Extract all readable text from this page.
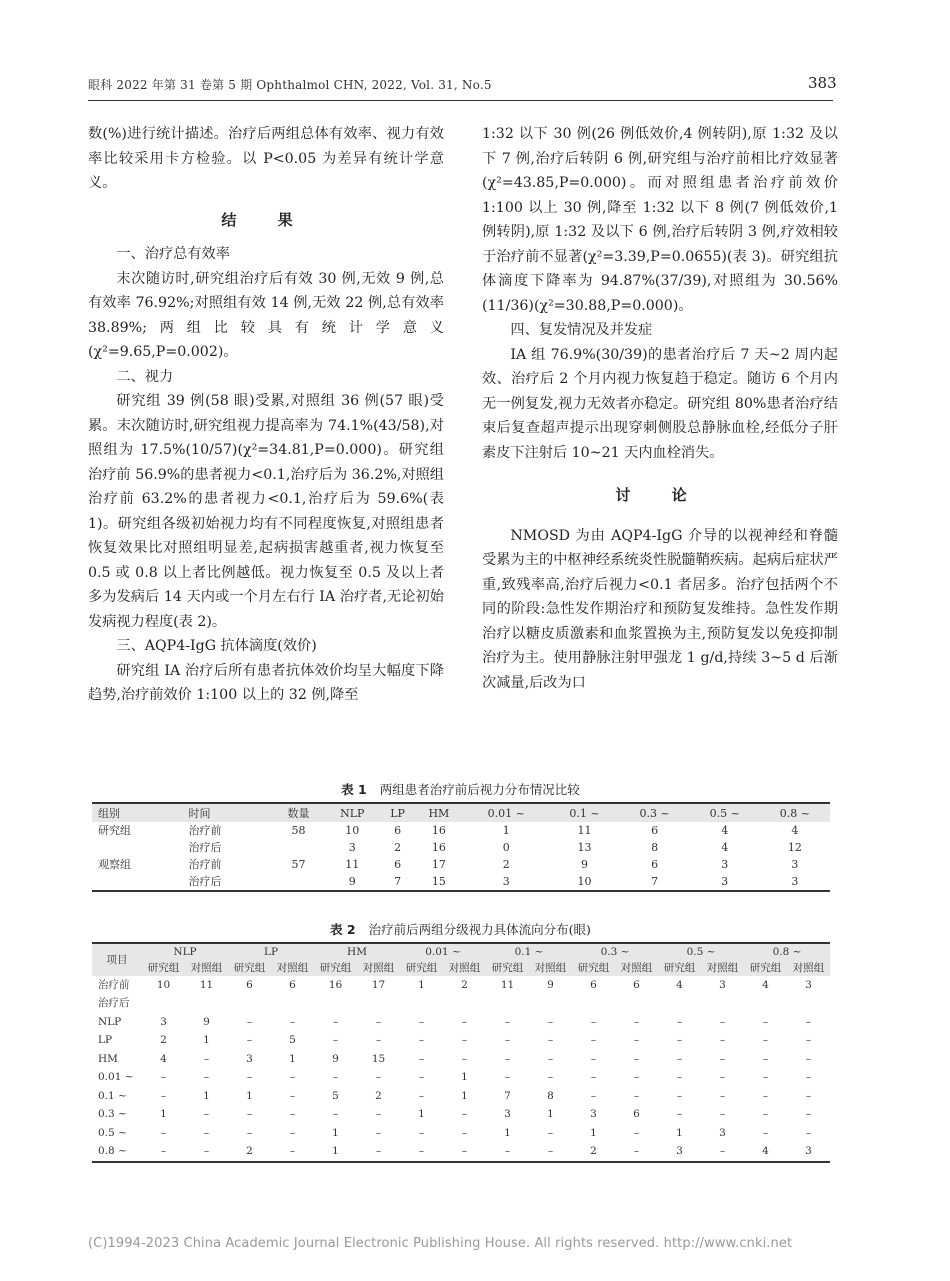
眼科 2022 年第 31 卷第 5 期 Ophthalmol CHN, 2022, Vol. 31, No.5	383

数(%)进行统计描述。治疗后两组总体有效率、视力有效率比较采用卡方检验。以 P<0.05 为差异有统计学意义。

结 果

一、治疗总有效率

末次随访时,研究组治疗后有效 30 例,无效 9 例,总有效率 76.92%;对照组有效 14 例,无效 22 例,总有效率 38.89%;两组比较具有统计学意义(χ²=9.65,P=0.002)。

二、视力

研究组 39 例(58 眼)受累,对照组 36 例(57 眼)受累。末次随访时,研究组视力提高率为 74.1%(43/58),对照组为 17.5%(10/57)(χ²=34.81,P=0.000)。研究组治疗前 56.9%的患者视力<0.1,治疗后为 36.2%,对照组治疗前 63.2%的患者视力<0.1,治疗后为 59.6%(表 1)。研究组各级初始视力均有不同程度恢复,对照组患者恢复效果比对照组明显差,起病损害越重者,视力恢复至 0.5 或 0.8 以上者比例越低。视力恢复至 0.5 及以上者多为发病后 14 天内或一个月左右行 IA 治疗者,无论初始发病视力程度(表 2)。

三、AQP4-IgG 抗体滴度(效价)

研究组 IA 治疗后所有患者抗体效价均呈大幅度下降趋势,治疗前效价 1:100 以上的 32 例,降至

1:32 以下 30 例(26 例低效价,4 例转阴),原 1:32 及以下 7 例,治疗后转阴 6 例,研究组与治疗前相比疗效显著(χ²=43.85,P=0.000)。而对照组患者治疗前效价 1:100 以上 30 例,降至 1:32 以下 8 例(7 例低效价,1 例转阴),原 1:32 及以下 6 例,治疗后转阴 3 例,疗效相较于治疗前不显著(χ²=3.39,P=0.0655)(表 3)。研究组抗体滴度下降率为 94.87%(37/39),对照组为 30.56%(11/36)(χ²=30.88,P=0.000)。

四、复发情况及并发症

IA 组 76.9%(30/39)的患者治疗后 7 天~2 周内起效、治疗后 2 个月内视力恢复趋于稳定。随访 6 个月内无一例复发,视力无效者亦稳定。研究组 80%患者治疗结束后复查超声提示出现穿刺侧股总静脉血栓,经低分子肝素皮下注射后 10~21 天内血栓消失。

讨 论

NMOSD 为由 AQP4-IgG 介导的以视神经和脊髓受累为主的中枢神经系统炎性脱髓鞘疾病。起病后症状严重,致残率高,治疗后视力<0.1 者居多。治疗包括两个不同的阶段:急性发作期治疗和预防复发维持。急性发作期治疗以糖皮质激素和血浆置换为主,预防复发以免疫抑制治疗为主。使用静脉注射甲强龙 1 g/d,持续 3~5 d 后渐次减量,后改为口

表 1 两组患者治疗前后视力分布情况比较
组别	时间	数量	NLP	LP	HM	0.01 ~	0.1 ~	0.3 ~	0.5 ~	0.8 ~
研究组	治疗前	58	10	6	16	1	11	6	4	4
	治疗后		3	2	16	0	13	8	4	12
观察组	治疗前	57	11	6	17	2	9	6	3	3
	治疗后		9	7	15	3	10	7	3	3
表 2 治疗前后两组分级视力具体流向分布(眼)
项目	NLP		LP		HM		0.01 ~		0.1 ~		0.3 ~		0.5 ~		0.8 ~	
	研究组	对照组	研究组	对照组	研究组	对照组	研究组	对照组	研究组	对照组	研究组	对照组	研究组	对照组	研究组	对照组
治疗前	10	11	6	6	16	17	1	2	11	9	6	6	4	3	4	3
治疗后																
NLP	3	9	–	–	–	–	–	–	–	–	–	–	–	–	–	–
LP	2	1	–	5	–	–	–	–	–	–	–	–	–	–	–	–
HM	4	–	3	1	9	15	–	–	–	–	–	–	–	–	–	–
0.01 ~	–	–	–	–	–	–	–	1	–	–	–	–	–	–	–	–
0.1 ~	–	1	1	–	5	2	–	1	7	8	–	–	–	–	–	–
0.3 ~	1	–	–	–	–	–	1	–	3	1	3	6	–	–	–	–
0.5 ~	–	–	–	–	1	–	–	–	1	–	1	–	1	3	–	–
0.8 ~	–	–	2	–	1	–	–	–	–	–	2	–	3	–	4	3
(C)1994-2023 China Academic Journal Electronic Publishing House. All rights reserved. http://www.cnki.net
